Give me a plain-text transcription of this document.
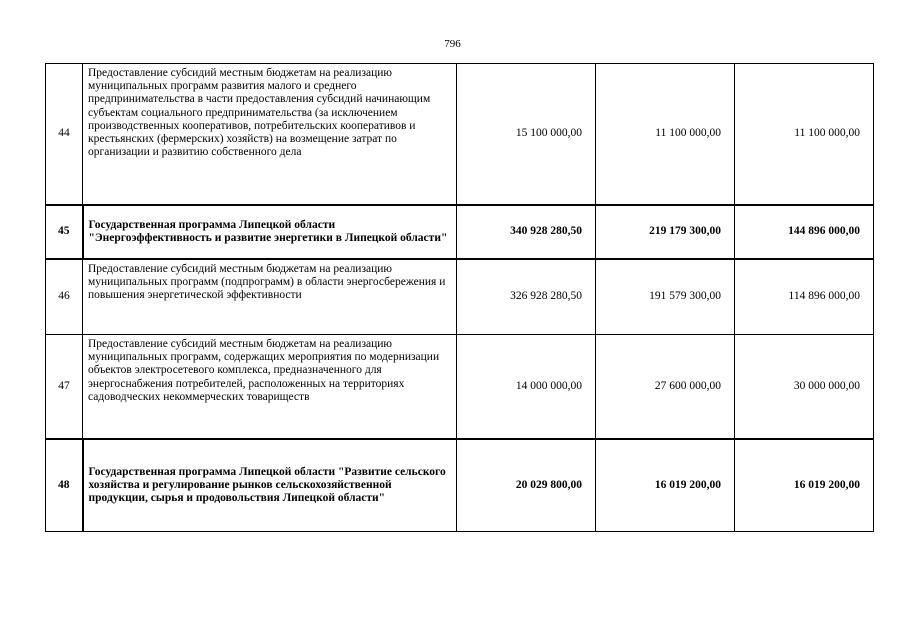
796
44	Предоставление субсидий местным бюджетам на реализацию муниципальных программ развития малого и среднего предпринимательства в части предоставления субсидий начинающим субъектам социального предпринимательства (за исключением производственных кооперативов, потребительских кооперативов и крестьянских (фермерских) хозяйств) на возмещение затрат по организации и развитию собственного дела	15 100 000,00	11 100 000,00	11 100 000,00
45	Государственная программа Липецкой области "Энергоэффективность и развитие энергетики в Липецкой области"	340 928 280,50	219 179 300,00	144 896 000,00
46	Предоставление субсидий местным бюджетам на реализацию муниципальных программ (подпрограмм) в области энергосбережения и повышения энергетической эффективности	326 928 280,50	191 579 300,00	114 896 000,00
47	Предоставление субсидий местным бюджетам на реализацию муниципальных программ, содержащих мероприятия по модернизации объектов электросетевого комплекса, предназначенного для энергоснабжения потребителей, расположенных на территориях садоводческих некоммерческих товариществ	14 000 000,00	27 600 000,00	30 000 000,00
48	Государственная программа Липецкой области "Развитие сельского хозяйства и регулирование рынков сельскохозяйственной продукции, сырья и продовольствия Липецкой области"	20 029 800,00	16 019 200,00	16 019 200,00
